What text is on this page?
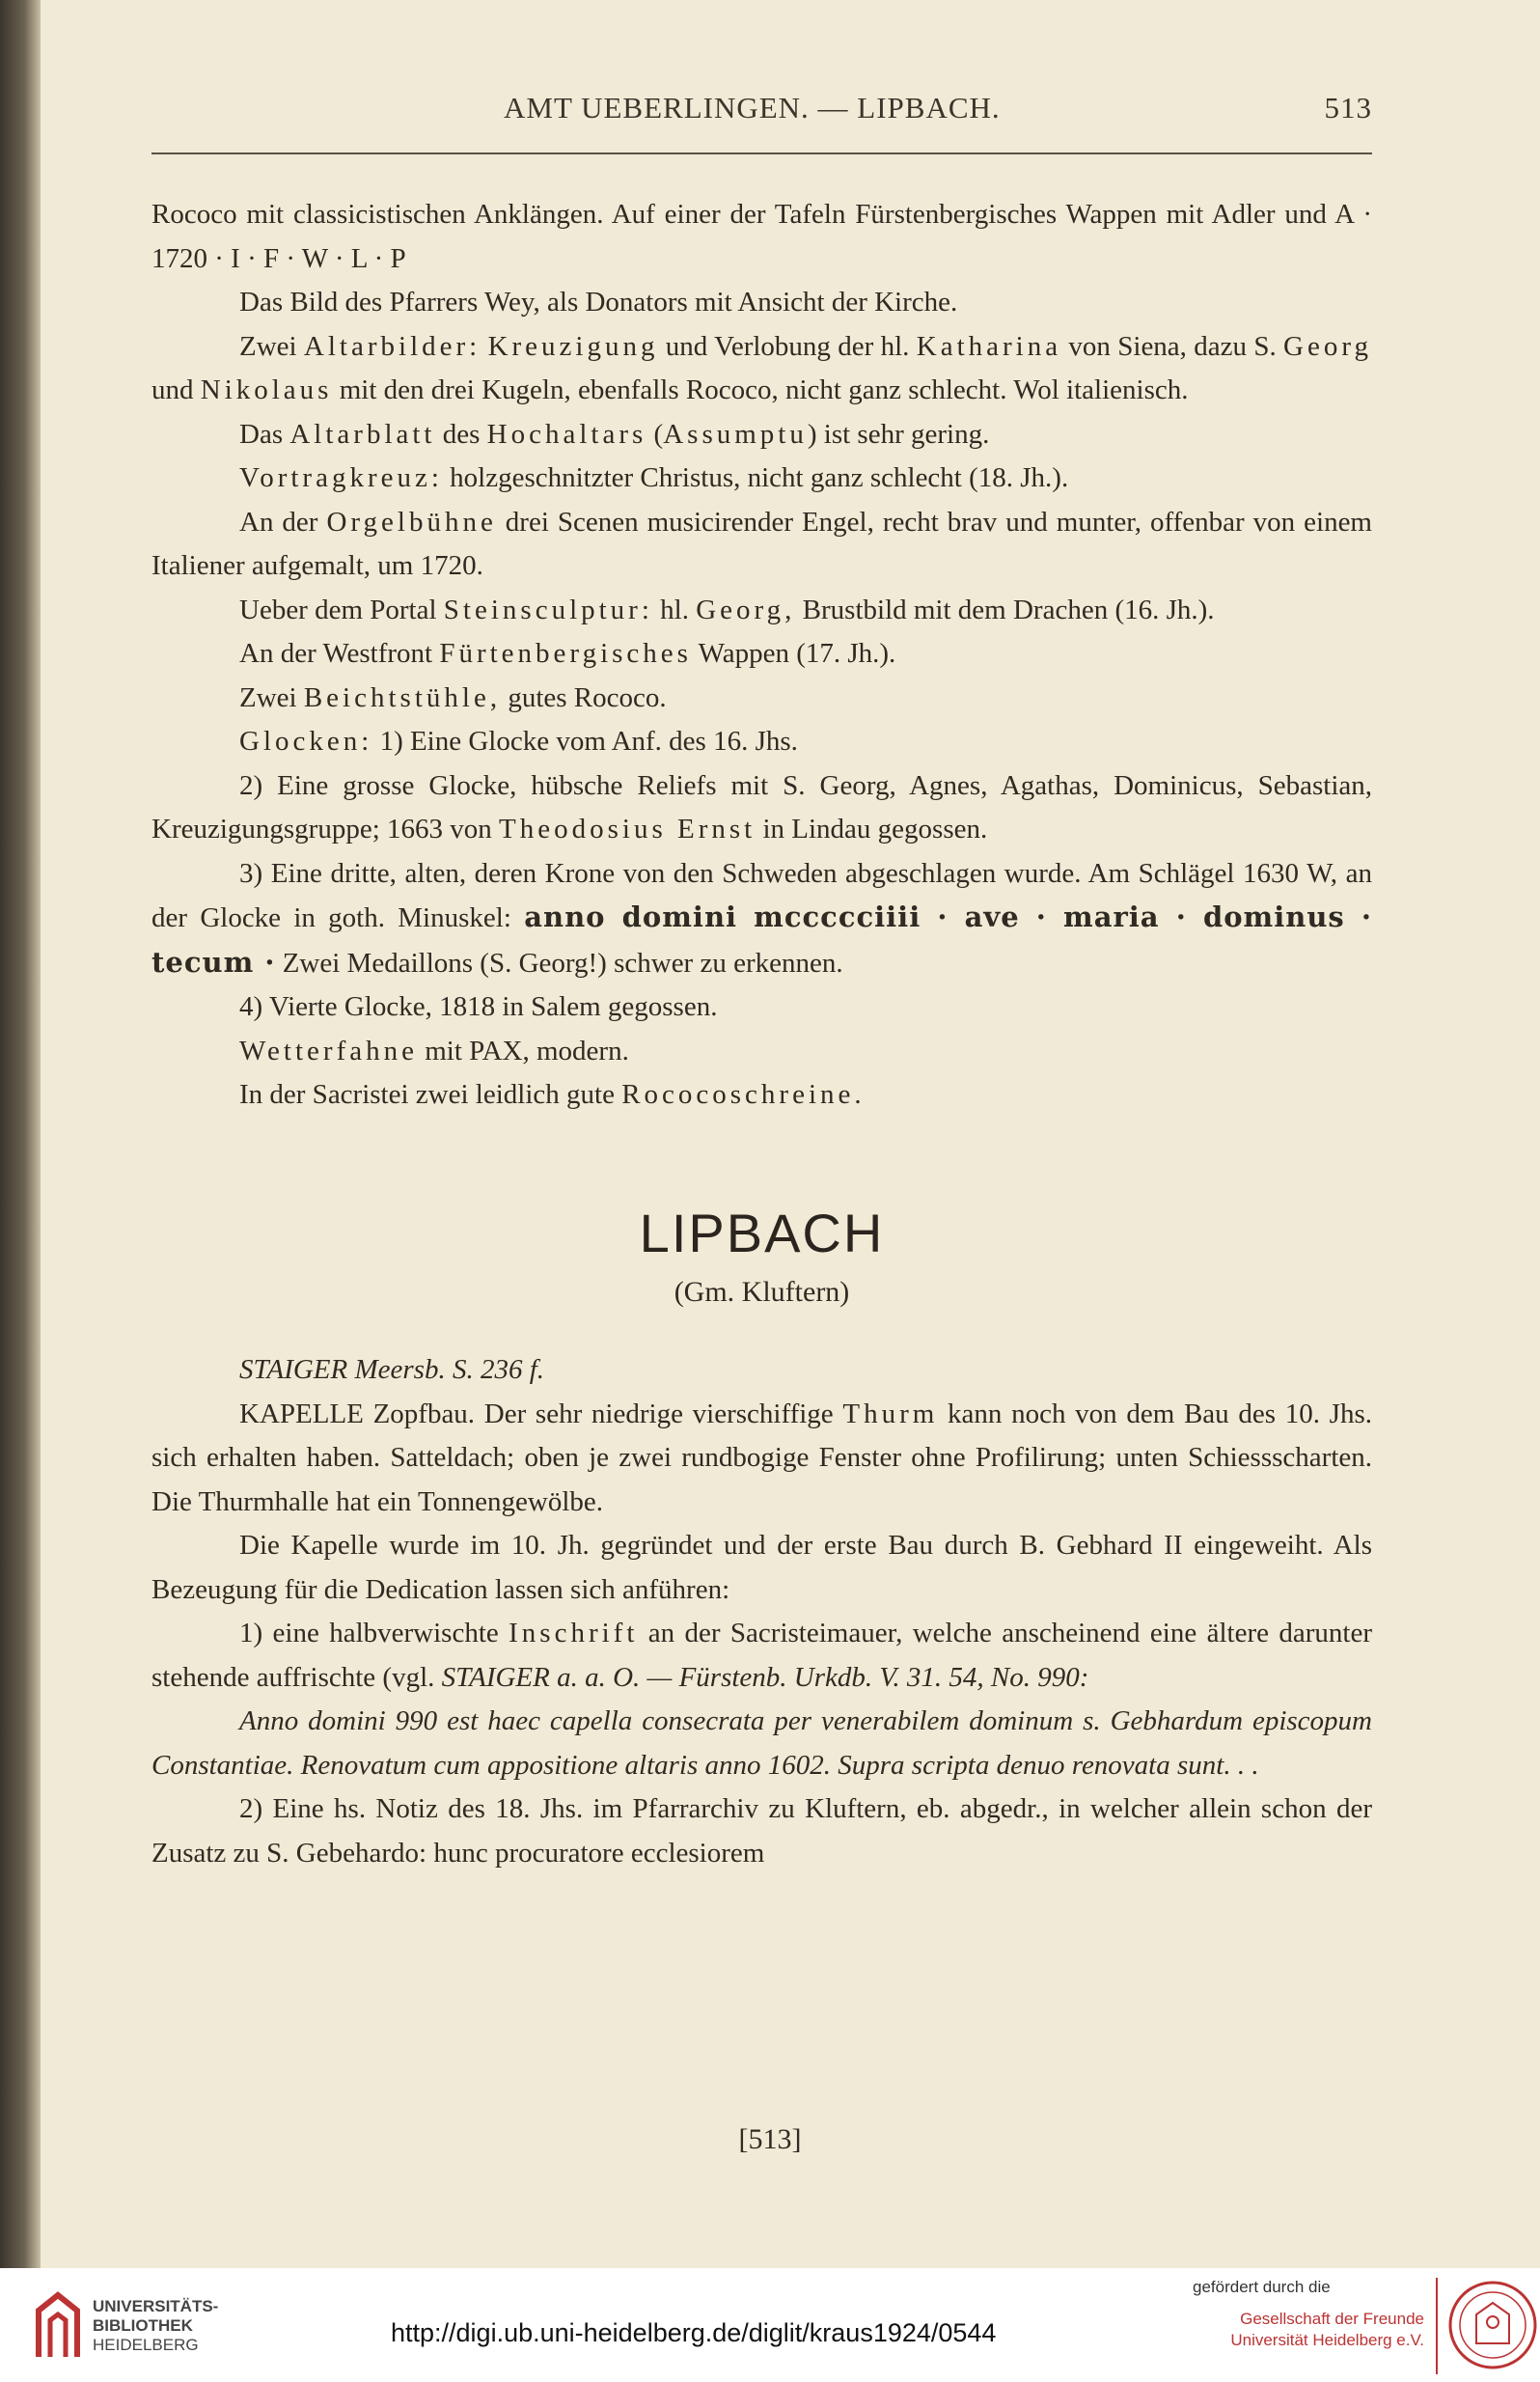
AMT UEBERLINGEN. — LIPBACH.	513

Rococo mit classicistischen Anklängen. Auf einer der Tafeln Fürstenbergisches Wappen mit Adler und A · 1720 · I · F · W · L · P

Das Bild des Pfarrers Wey, als Donators mit Ansicht der Kirche.

Zwei Altarbilder: Kreuzigung und Verlobung der hl. Katharina von Siena, dazu S. Georg und Nikolaus mit den drei Kugeln, ebenfalls Rococo, nicht ganz schlecht. Wol italienisch.

Das Altarblatt des Hochaltars (Assumptu) ist sehr gering.

Vortragkreuz: holzgeschnitzter Christus, nicht ganz schlecht (18. Jh.).

An der Orgelbühne drei Scenen musicirender Engel, recht brav und munter, offenbar von einem Italiener aufgemalt, um 1720.

Ueber dem Portal Steinsculptur: hl. Georg, Brustbild mit dem Drachen (16. Jh.).

An der Westfront Fürtenbergisches Wappen (17. Jh.).

Zwei Beichtstühle, gutes Rococo.

Glocken: 1) Eine Glocke vom Anf. des 16. Jhs.

2) Eine grosse Glocke, hübsche Reliefs mit S. Georg, Agnes, Agathas, Dominicus, Sebastian, Kreuzigungsgruppe; 1663 von Theodosius Ernst in Lindau gegossen.

3) Eine dritte, alten, deren Krone von den Schweden abgeschlagen wurde. Am Schlägel 1630 W, an der Glocke in goth. Minuskel: anno domini mccccciiii · ave · maria · dominus · tecum · Zwei Medaillons (S. Georg!) schwer zu erkennen.

4) Vierte Glocke, 1818 in Salem gegossen.

Wetterfahne mit PAX, modern.

In der Sacristei zwei leidlich gute Rococoschreine.

LIPBACH

(Gm. Kluftern)

STAIGER Meersb. S. 236 f.

KAPELLE Zopfbau. Der sehr niedrige vierschiffige Thurm kann noch von dem Bau des 10. Jhs. sich erhalten haben. Satteldach; oben je zwei rundbogige Fenster ohne Profilirung; unten Schiessscharten. Die Thurmhalle hat ein Tonnengewölbe.

Die Kapelle wurde im 10. Jh. gegründet und der erste Bau durch B. Gebhard II eingeweiht. Als Bezeugung für die Dedication lassen sich anführen:

1) eine halbverwischte Inschrift an der Sacristeimauer, welche anscheinend eine ältere darunter stehende auffrischte (vgl. STAIGER a. a. O. — Fürstenb. Urkdb. V. 31. 54, No. 990:

Anno domini 990 est haec capella consecrata per venerabilem dominum s. Gebhardum episcopum Constantiae. Renovatum cum appositione altaris anno 1602. Supra scripta denuo renovata sunt. . .

2) Eine hs. Notiz des 18. Jhs. im Pfarrarchiv zu Kluftern, eb. abgedr., in welcher allein schon der Zusatz zu S. Gebehardo: hunc procuratore ecclesiorem

[513]
UNIVERSITÄTS-
BIBLIOTHEK
HEIDELBERG	http://digi.ub.uni-heidelberg.de/diglit/kraus1924/0544
gefördert durch die
Gesellschaft der Freunde
Universität Heidelberg e.V.
